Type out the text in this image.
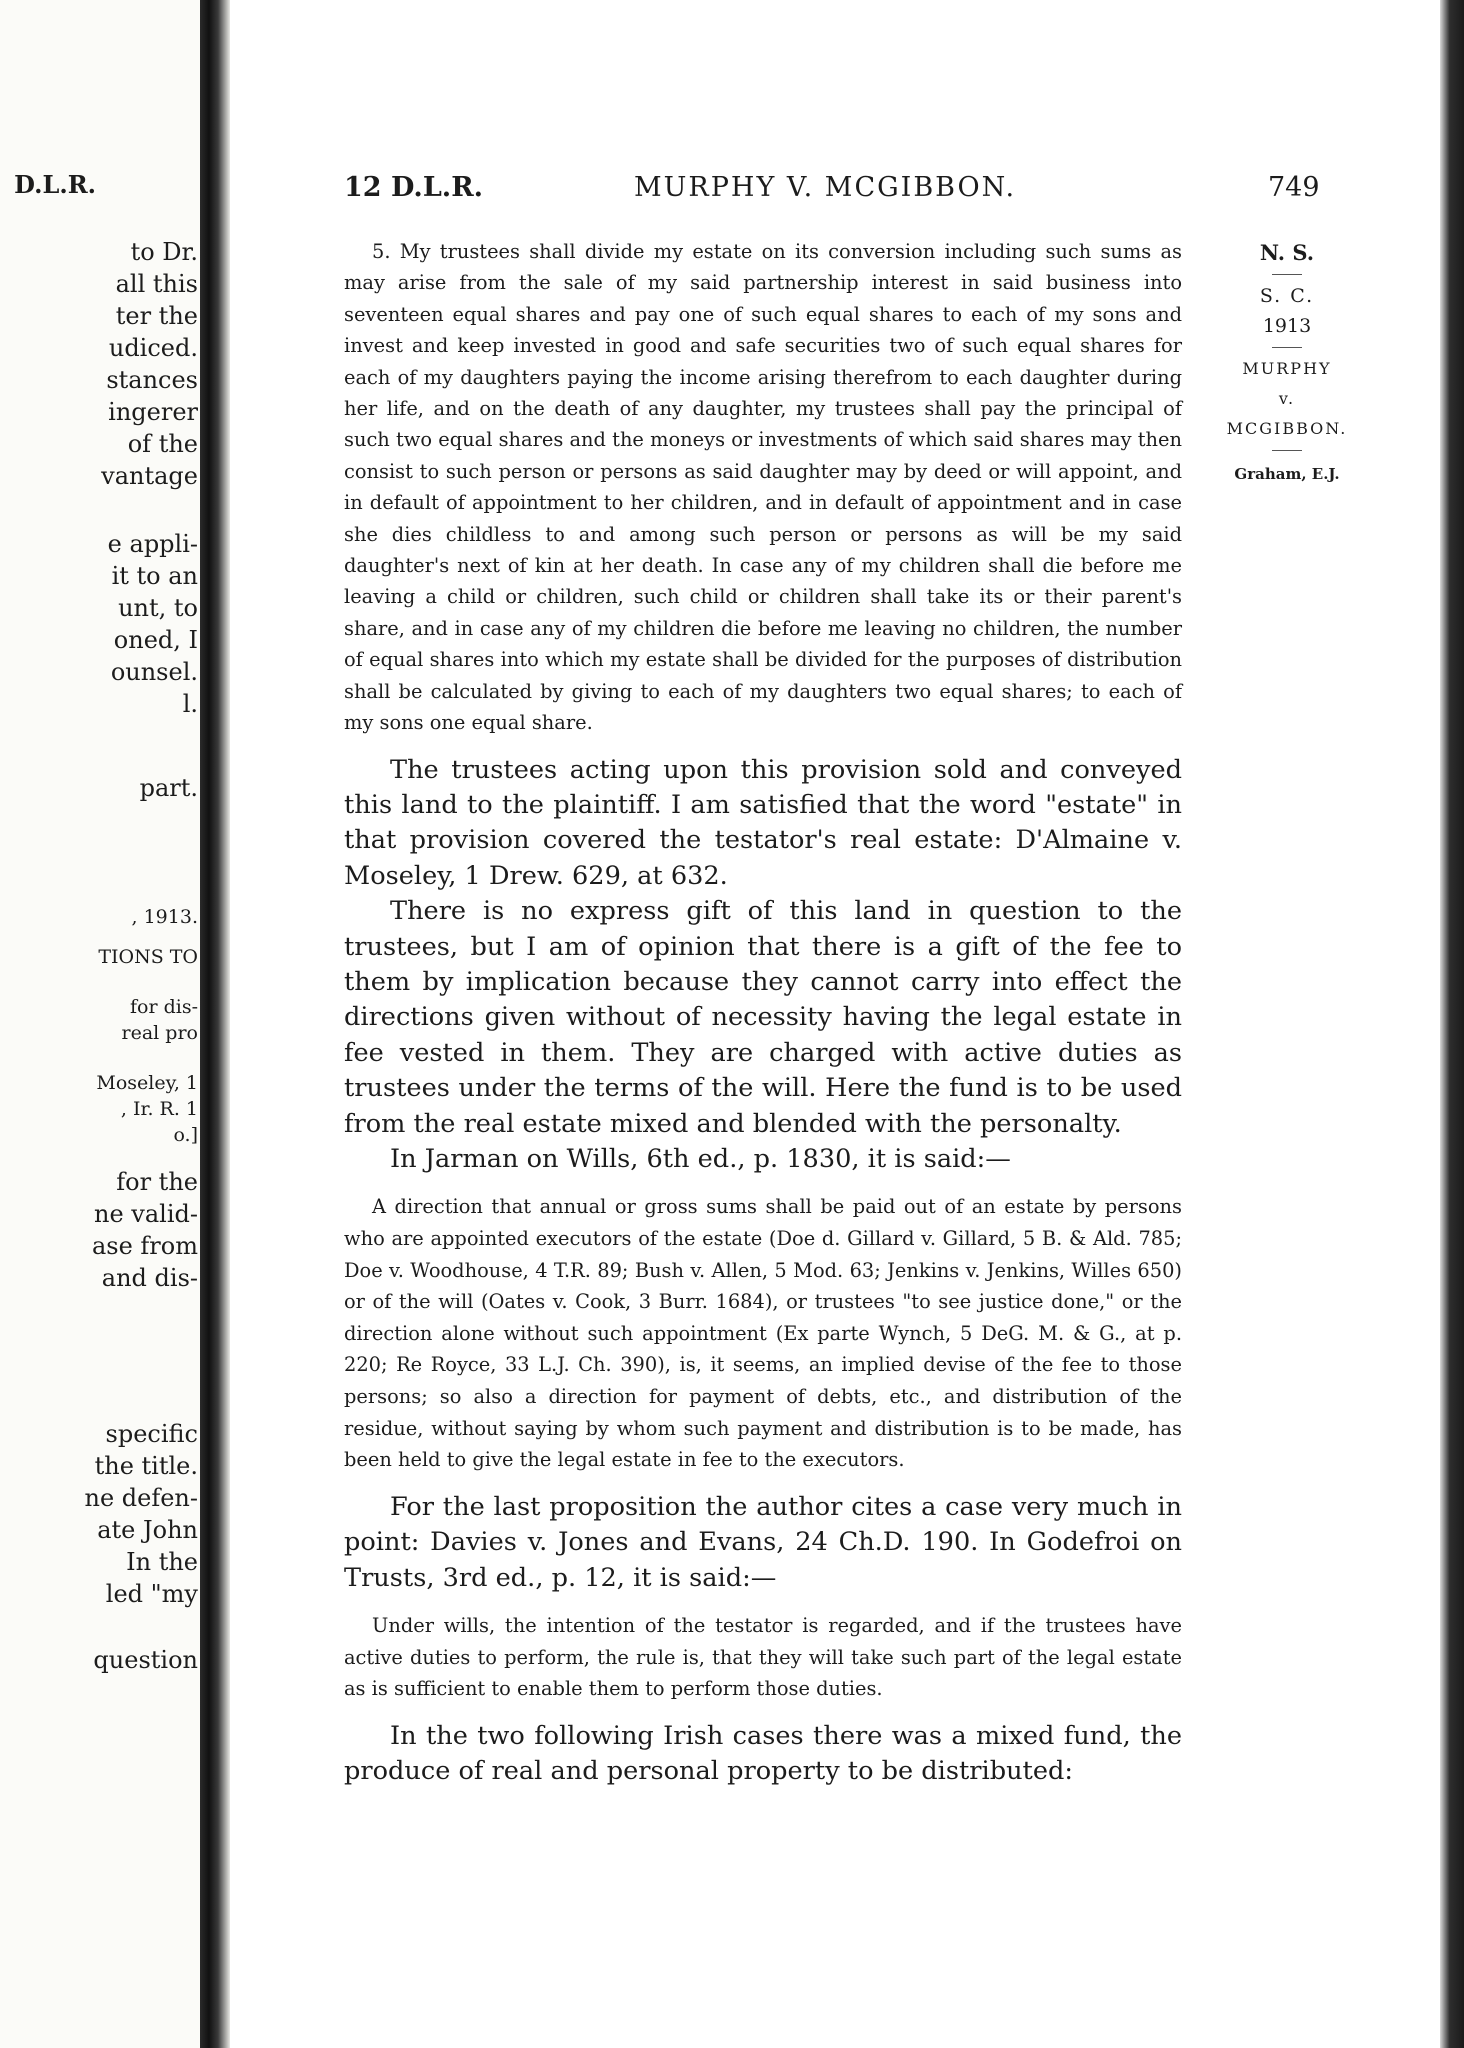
D.L.R.
to Dr.
all this
ter the
udiced.
stances
ingerer
of the
vantage
e appli-
it to an
unt, to
oned, I
ounsel.
l.
part.
, 1913.
TIONS TO
for dis-
real pro
Moseley, 1
, Ir. R. 1
o.]
for the
ne valid-
ase from
and dis-
specific
the title.
ne defen-
ate John
In the
led "my
question
12 D.L.R.	MURPHY V. MCGIBBON.	749

5. My trustees shall divide my estate on its conversion including such sums as may arise from the sale of my said partnership interest in said business into seventeen equal shares and pay one of such equal shares to each of my sons and invest and keep invested in good and safe securities two of such equal shares for each of my daughters paying the income arising therefrom to each daughter during her life, and on the death of any daughter, my trustees shall pay the principal of such two equal shares and the moneys or investments of which said shares may then consist to such person or persons as said daughter may by deed or will appoint, and in default of appointment to her children, and in default of appointment and in case she dies childless to and among such person or persons as will be my said daughter's next of kin at her death. In case any of my children shall die before me leaving a child or children, such child or children shall take its or their parent's share, and in case any of my children die before me leaving no children, the number of equal shares into which my estate shall be divided for the purposes of distribution shall be calculated by giving to each of my daughters two equal shares; to each of my sons one equal share.

The trustees acting upon this provision sold and conveyed this land to the plaintiff. I am satisfied that the word "estate" in that provision covered the testator's real estate: D'Almaine v. Moseley, 1 Drew. 629, at 632.

There is no express gift of this land in question to the trustees, but I am of opinion that there is a gift of the fee to them by implication because they cannot carry into effect the directions given without of necessity having the legal estate in fee vested in them. They are charged with active duties as trustees under the terms of the will. Here the fund is to be used from the real estate mixed and blended with the personalty.

In Jarman on Wills, 6th ed., p. 1830, it is said:—

A direction that annual or gross sums shall be paid out of an estate by persons who are appointed executors of the estate (Doe d. Gillard v. Gillard, 5 B. & Ald. 785; Doe v. Woodhouse, 4 T.R. 89; Bush v. Allen, 5 Mod. 63; Jenkins v. Jenkins, Willes 650) or of the will (Oates v. Cook, 3 Burr. 1684), or trustees "to see justice done," or the direction alone without such appointment (Ex parte Wynch, 5 DeG. M. & G., at p. 220; Re Royce, 33 L.J. Ch. 390), is, it seems, an implied devise of the fee to those persons; so also a direction for payment of debts, etc., and distribution of the residue, without saying by whom such payment and distribution is to be made, has been held to give the legal estate in fee to the executors.

For the last proposition the author cites a case very much in point: Davies v. Jones and Evans, 24 Ch.D. 190. In Godefroi on Trusts, 3rd ed., p. 12, it is said:—

Under wills, the intention of the testator is regarded, and if the trustees have active duties to perform, the rule is, that they will take such part of the legal estate as is sufficient to enable them to perform those duties.

In the two following Irish cases there was a mixed fund, the produce of real and personal property to be distributed:

N. S.
S. C.
1913
MURPHY
v.
MCGIBBON.
Graham, E.J.
